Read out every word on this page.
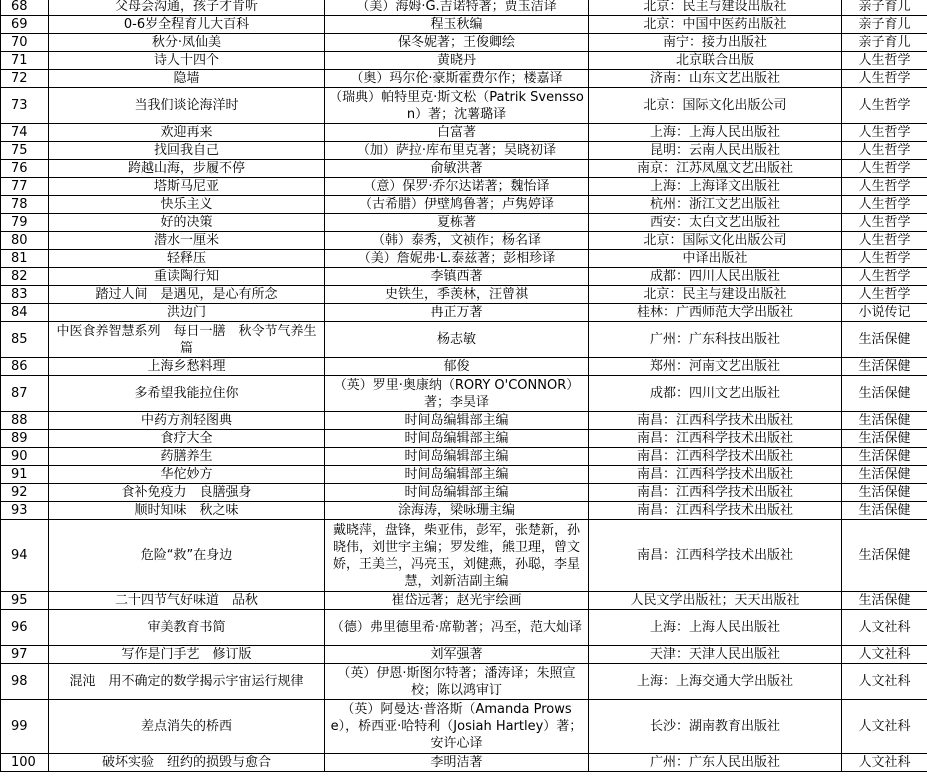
68	父母会沟通，孩子才肯听	（美）海姆·G.吉诺特著；贾玉洁译	北京：民主与建设出版社	亲子育儿
69	0-6岁全程育儿大百科	程玉秋编	北京：中国中医药出版社	亲子育儿
70	秋分·凤仙美	保冬妮著；王俊卿绘	南宁：接力出版社	亲子育儿
71	诗人十四个	黄晓丹	北京联合出版	人生哲学
72	隐墙	（奥）玛尔伦·豪斯霍费尔作；楼嘉译	济南：山东文艺出版社	人生哲学
73	当我们谈论海洋时	（瑞典）帕特里克·斯文松（Patrik Svensson）著；沈薯璐译	北京：国际文化出版公司	人生哲学
74	欢迎再来	白富著	上海：上海人民出版社	人生哲学
75	找回我自己	（加）萨拉·库布里克著；吴晓初译	昆明：云南人民出版社	人生哲学
76	跨越山海，步履不停	俞敏洪著	南京：江苏凤凰文艺出版社	人生哲学
77	塔斯马尼亚	（意）保罗·乔尔达诺著；魏怡译	上海：上海译文出版社	人生哲学
78	快乐主义	（古希腊）伊壁鸠鲁著；卢隽婷译	杭州：浙江文艺出版社	人生哲学
79	好的决策	夏栋著	西安：太白文艺出版社	人生哲学
80	潜水一厘米	（韩）泰秀，文祯作；杨名译	北京：国际文化出版公司	人生哲学
81	轻释压	（美）詹妮弗·L.泰兹著；彭相珍译	中译出版社	人生哲学
82	重读陶行知	李镇西著	成都：四川人民出版社	人生哲学
83	踏过人间　是遇见，是心有所念	史铁生，季羡林，汪曾祺	北京：民主与建设出版社	人生哲学
84	洪边门	冉正万著	桂林：广西师范大学出版社	小说传记
85	中医食养智慧系列　每日一膳　秋令节气养生篇	杨志敏	广州：广东科技出版社	生活保健
86	上海乡愁料理	郁俊	郑州：河南文艺出版社	生活保健
87	多希望我能拉住你	（英）罗里·奥康纳（RORY O'CONNOR）著；李昊译	成都：四川文艺出版社	生活保健
88	中药方剂轻图典	时间岛编辑部主编	南昌：江西科学技术出版社	生活保健
89	食疗大全	时间岛编辑部主编	南昌：江西科学技术出版社	生活保健
90	药膳养生	时间岛编辑部主编	南昌：江西科学技术出版社	生活保健
91	华佗妙方	时间岛编辑部主编	南昌：江西科学技术出版社	生活保健
92	食补免疫力　良膳强身	时间岛编辑部主编	南昌：江西科学技术出版社	生活保健
93	顺时知味　秋之味	涂海涛，梁咏珊主编	南昌：江西科学技术出版社	生活保健
94	危险“救”在身边	戴晓萍，盘锋，柴亚伟，彭军，张楚新，孙晓伟，刘世宇主编；罗发维，熊卫理，曾文娇，王美兰，冯亮玉，刘健燕，孙聪，李星慧，刘新洁副主编	南昌：江西科学技术出版社	生活保健
95	二十四节气好味道　品秋	崔岱远著；赵光宇绘画	人民文学出版社；天天出版社	生活保健
96	审美教育书简	（德）弗里德里希·席勒著；冯至，范大灿译	上海：上海人民出版社	人文社科
97	写作是门手艺　修订版	刘军强著	天津：天津人民出版社	人文社科
98	混沌　用不确定的数学揭示宇宙运行规律	（英）伊恩·斯图尔特著；潘涛译；朱照宣校；陈以鸿审订	上海：上海交通大学出版社	人文社科
99	差点消失的桥西	（英）阿曼达·普洛斯（Amanda Prowse），桥西亚·哈特利（Josiah Hartley）著；安许心译	长沙：湖南教育出版社	人文社科
100	破坏实验　纽约的损毁与愈合	李明洁著	广州：广东人民出版社	人文社科
